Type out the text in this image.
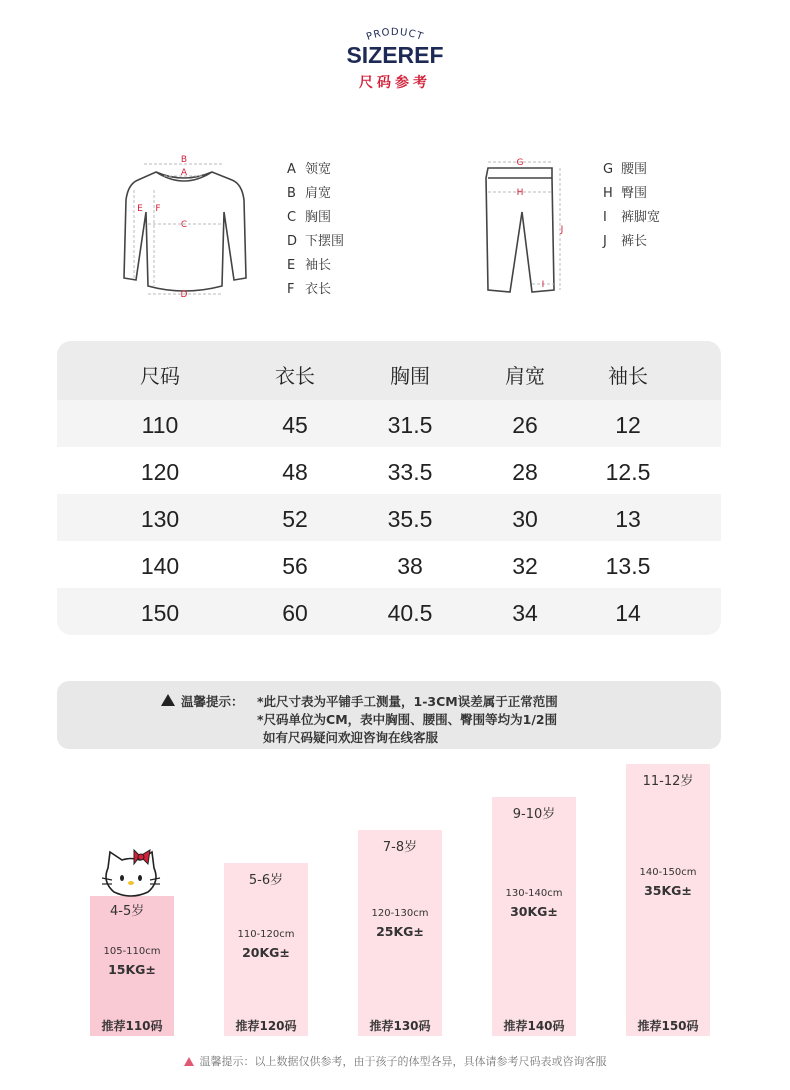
PRODUCT
SIZEREF
尺码参考
B
A
C
D
E F
A 领宽
B 肩宽
C 胸围
D 下摆围
E 袖长
F 衣长
G
H
I
J
G 腰围
H 臀围
I	裤脚宽
J	裤长
尺码	衣长	胸围	肩宽	袖长
110	45	31.5	26	12
120	48	33.5	28	12.5
130	52	35.5	30	13
140	56	38	32	13.5
150	60	40.5	34	14
温馨提示： *此尺寸表为平铺手工测量，1-3CM误差属于正常范围
*尺码单位为CM，表中胸围、腰围、臀围等均为1/2围
如有尺码疑问欢迎咨询在线客服
4-5岁
105-110cm
15KG±
推荐110码
5-6岁
110-120cm
20KG±
推荐120码
7-8岁
120-130cm
25KG±
推荐130码
9-10岁
130-140cm
30KG±
推荐140码
11-12岁
140-150cm
35KG±
推荐150码
温馨提示：以上数据仅供参考，由于孩子的体型各异，具体请参考尺码表或咨询客服
